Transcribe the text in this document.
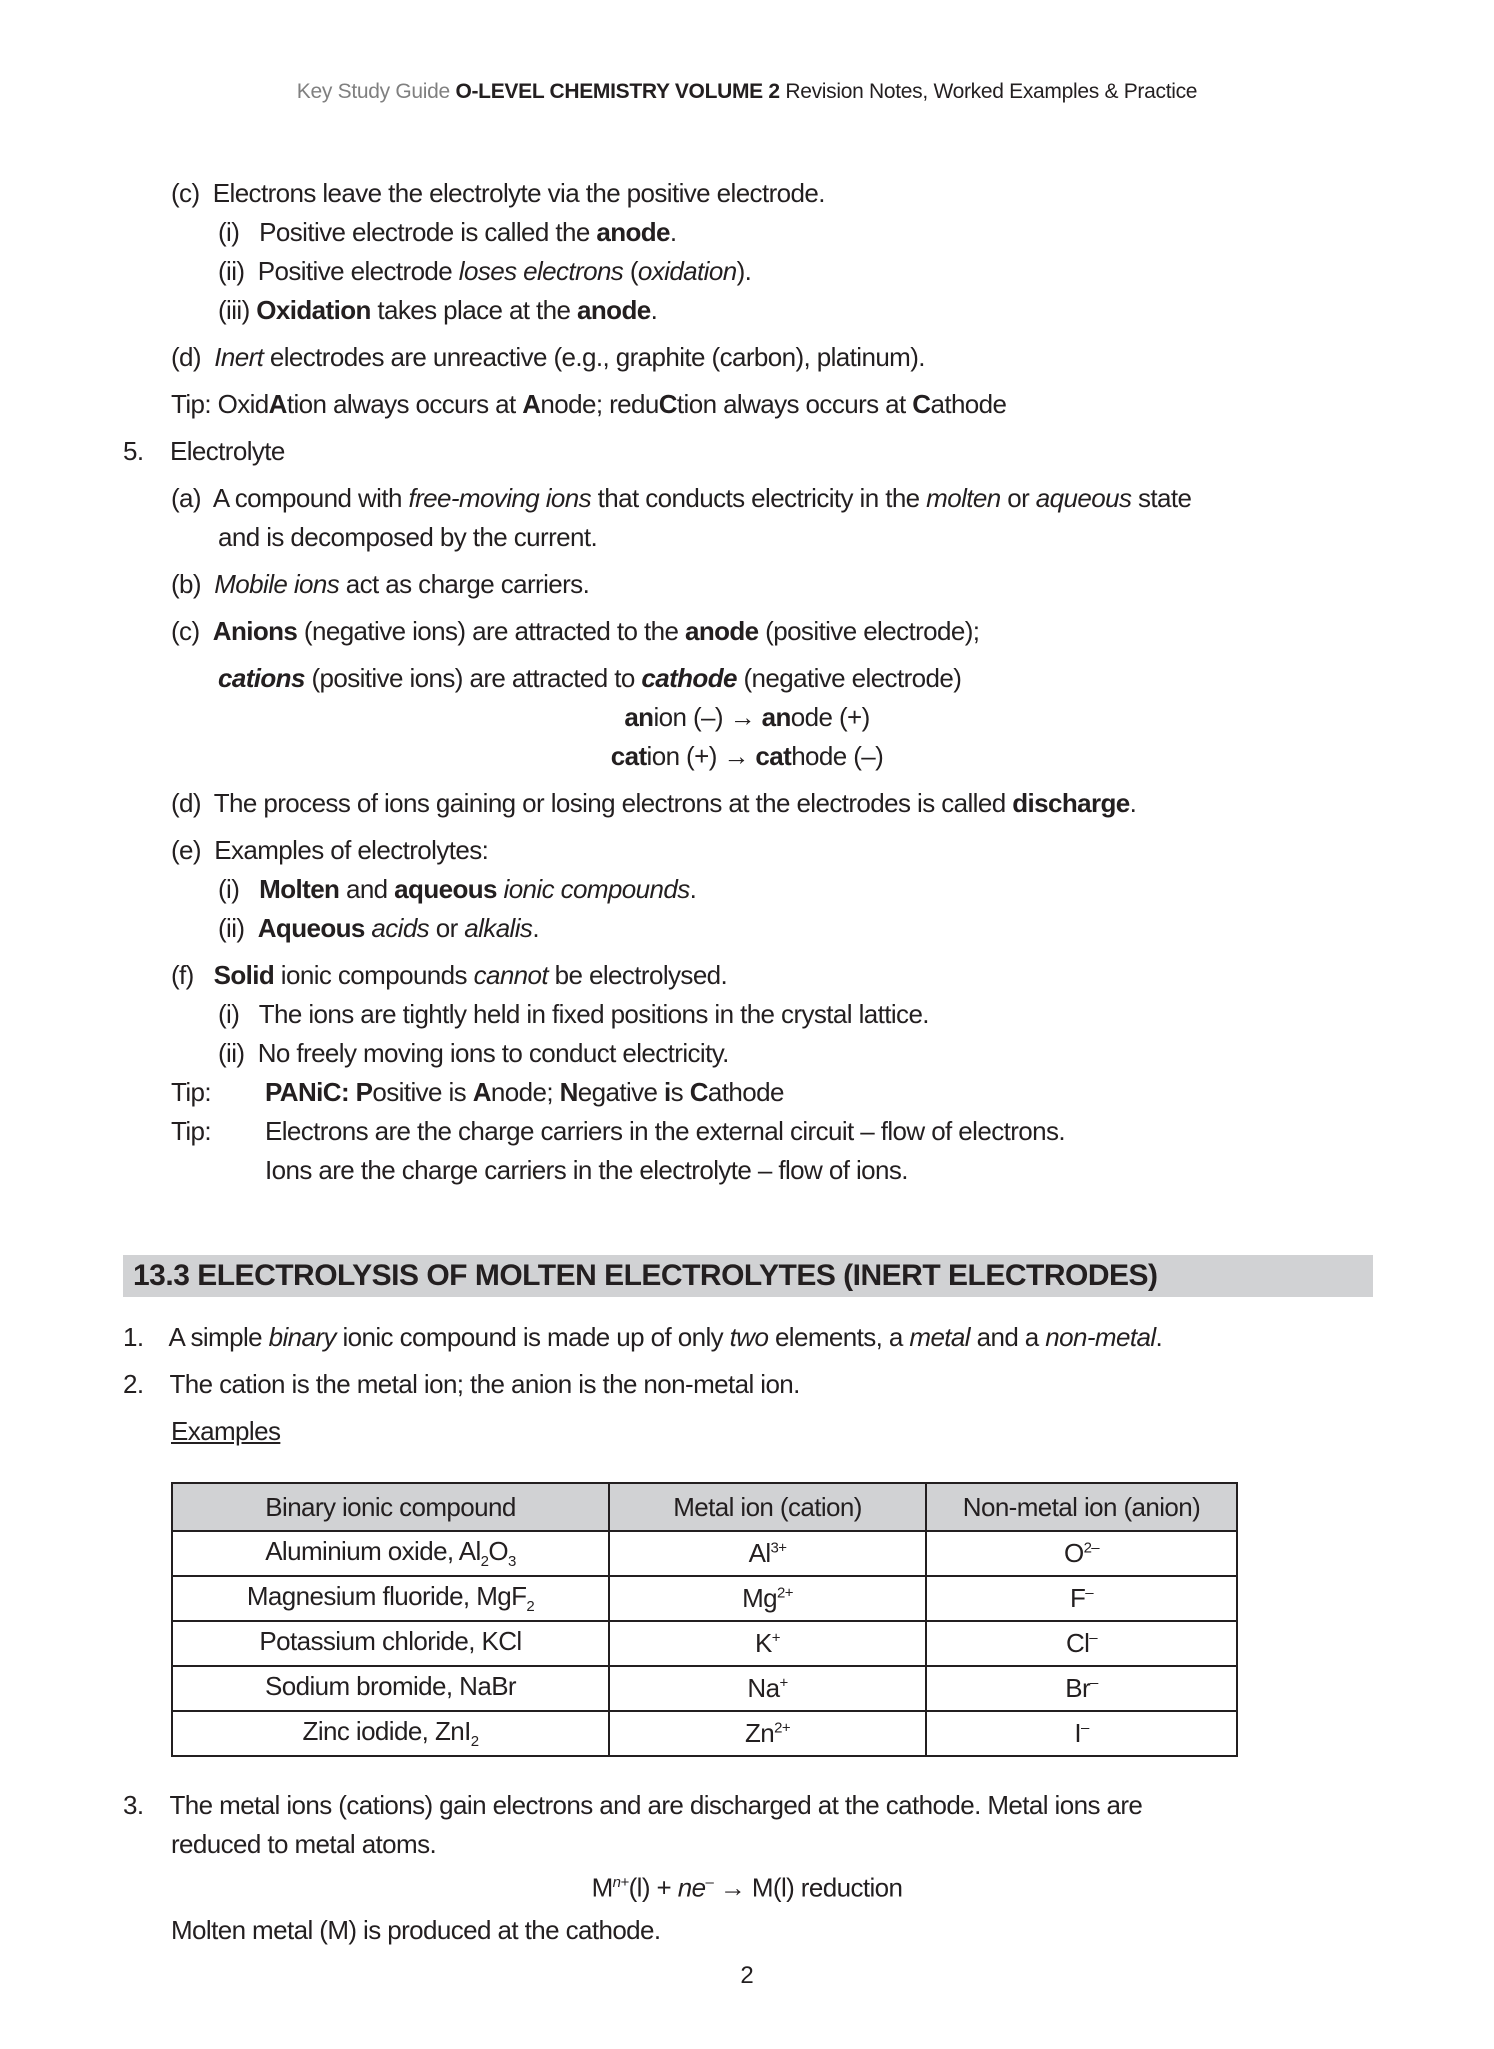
Key Study Guide O-LEVEL CHEMISTRY VOLUME 2 Revision Notes, Worked Examples & Practice
(c) Electrons leave the electrolyte via the positive electrode.
(i) Positive electrode is called the anode.
(ii) Positive electrode loses electrons (oxidation).
(iii) Oxidation takes place at the anode.
(d) Inert electrodes are unreactive (e.g., graphite (carbon), platinum).
Tip: OxidAtion always occurs at Anode; reduCtion always occurs at Cathode
5. Electrolyte
(a) A compound with free-moving ions that conducts electricity in the molten or aqueous state
and is decomposed by the current.
(b) Mobile ions act as charge carriers.
(c) Anions (negative ions) are attracted to the anode (positive electrode);
cations (positive ions) are attracted to cathode (negative electrode)
anion (–) → anode (+)
cation (+) → cathode (–)
(d) The process of ions gaining or losing electrons at the electrodes is called discharge.
(e) Examples of electrolytes:
(i) Molten and aqueous ionic compounds.
(ii) Aqueous acids or alkalis.
(f) Solid ionic compounds cannot be electrolysed.
(i) The ions are tightly held in fixed positions in the crystal lattice.
(ii) No freely moving ions to conduct electricity.
Tip: PANiC: Positive is Anode; Negative is Cathode
Tip: Electrons are the charge carriers in the external circuit – flow of electrons.
Ions are the charge carriers in the electrolyte – flow of ions.
13.3 ELECTROLYSIS OF MOLTEN ELECTROLYTES (INERT ELECTRODES)
1. A simple binary ionic compound is made up of only two elements, a metal and a non-metal.
2. The cation is the metal ion; the anion is the non-metal ion.
Examples
Binary ionic compound	Metal ion (cation)	Non-metal ion (anion)
Aluminium oxide, $Al_2O_3$	$Al^{3+}$	$O^{2-}$
Magnesium fluoride, MgF$_2$	$Mg^{2+}$	F–
Potassium chloride, KCl	K+	Cl–
Sodium bromide, NaBr	Na+	Br–
Zinc iodide, ZnI$_2$	$Zn^{2+}$	I–
3. The metal ions (cations) gain electrons and are discharged at the cathode. Metal ions are
reduced to metal atoms.
$M^{n+}(l) + ne^- \to M(l)$ reduction
Molten metal (M) is produced at the cathode.
2
